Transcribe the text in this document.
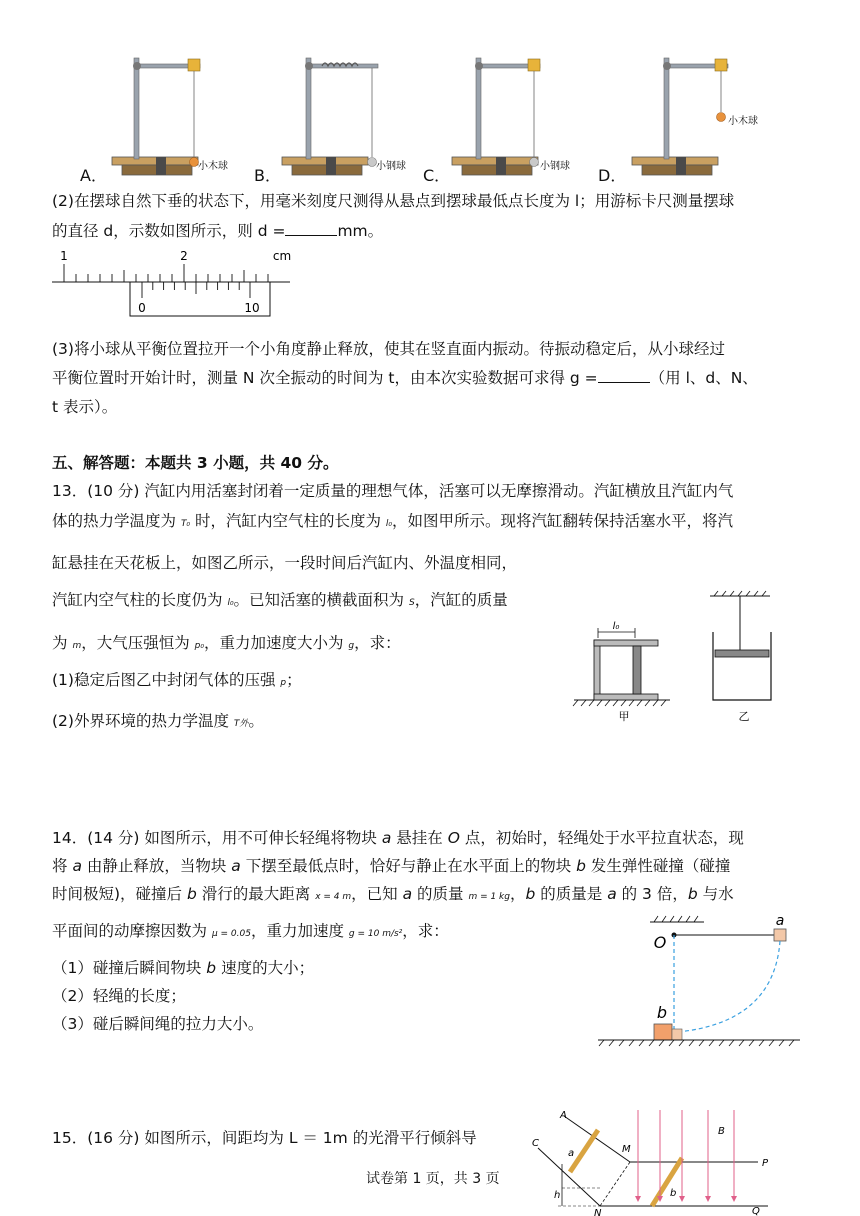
A．	小木球 B．	小钢球 C．	小钢球 D．
小木球
(2)在摆球自然下垂的状态下，用毫米刻度尺测得从悬点到摆球最低点长度为 l；用游标卡尺测量摆球
的直径 d，示数如图所示，则 d =	mm。
1	2	cm
0	10
(3)将小球从平衡位置拉开一个小角度静止释放，使其在竖直面内振动。待振动稳定后，从小球经过
平衡位置时开始计时，测量 N 次全振动的时间为 t，由本次实验数据可求得 g =	（用 l、d、N、
t 表示）。
五、解答题：本题共 3 小题，共 40 分。
13．(10 分) 汽缸内用活塞封闭着一定质量的理想气体，活塞可以无摩擦滑动。汽缸横放且汽缸内气
体的热力学温度为 T₀ 时，汽缸内空气柱的长度为 l₀，如图甲所示。现将汽缸翻转保持活塞水平，将汽
缸悬挂在天花板上，如图乙所示，一段时间后汽缸内、外温度相同，
汽缸内空气柱的长度仍为 l₀。已知活塞的横截面积为 S，汽缸的质量
为 m，大气压强恒为 p₀，重力加速度大小为 g，求：
(1)稳定后图乙中封闭气体的压强 p；
(2)外界环境的热力学温度 T外。
l₀
甲	乙
14．(14 分) 如图所示，用不可伸长轻绳将物块 a 悬挂在 O 点，初始时，轻绳处于水平拉直状态，现
将 a 由静止释放，当物块 a 下摆至最低点时，恰好与静止在水平面上的物块 b 发生弹性碰撞（碰撞
时间极短)，碰撞后 b 滑行的最大距离 x = 4 m，已知 a 的质量 m = 1 kg，b 的质量是 a 的 3 倍，b 与水
平面间的动摩擦因数为 μ = 0.05，重力加速度 g = 10 m/s²，求：
（1）碰撞后瞬间物块 b 速度的大小；
（2）轻绳的长度；
（3）碰后瞬间绳的拉力大小。
a
O
b
15．(16 分) 如图所示，间距均为 L ＝ 1m 的光滑平行倾斜导
A
C
M
N
P
Q
B
a
b
h
试卷第 1 页，共 3 页
